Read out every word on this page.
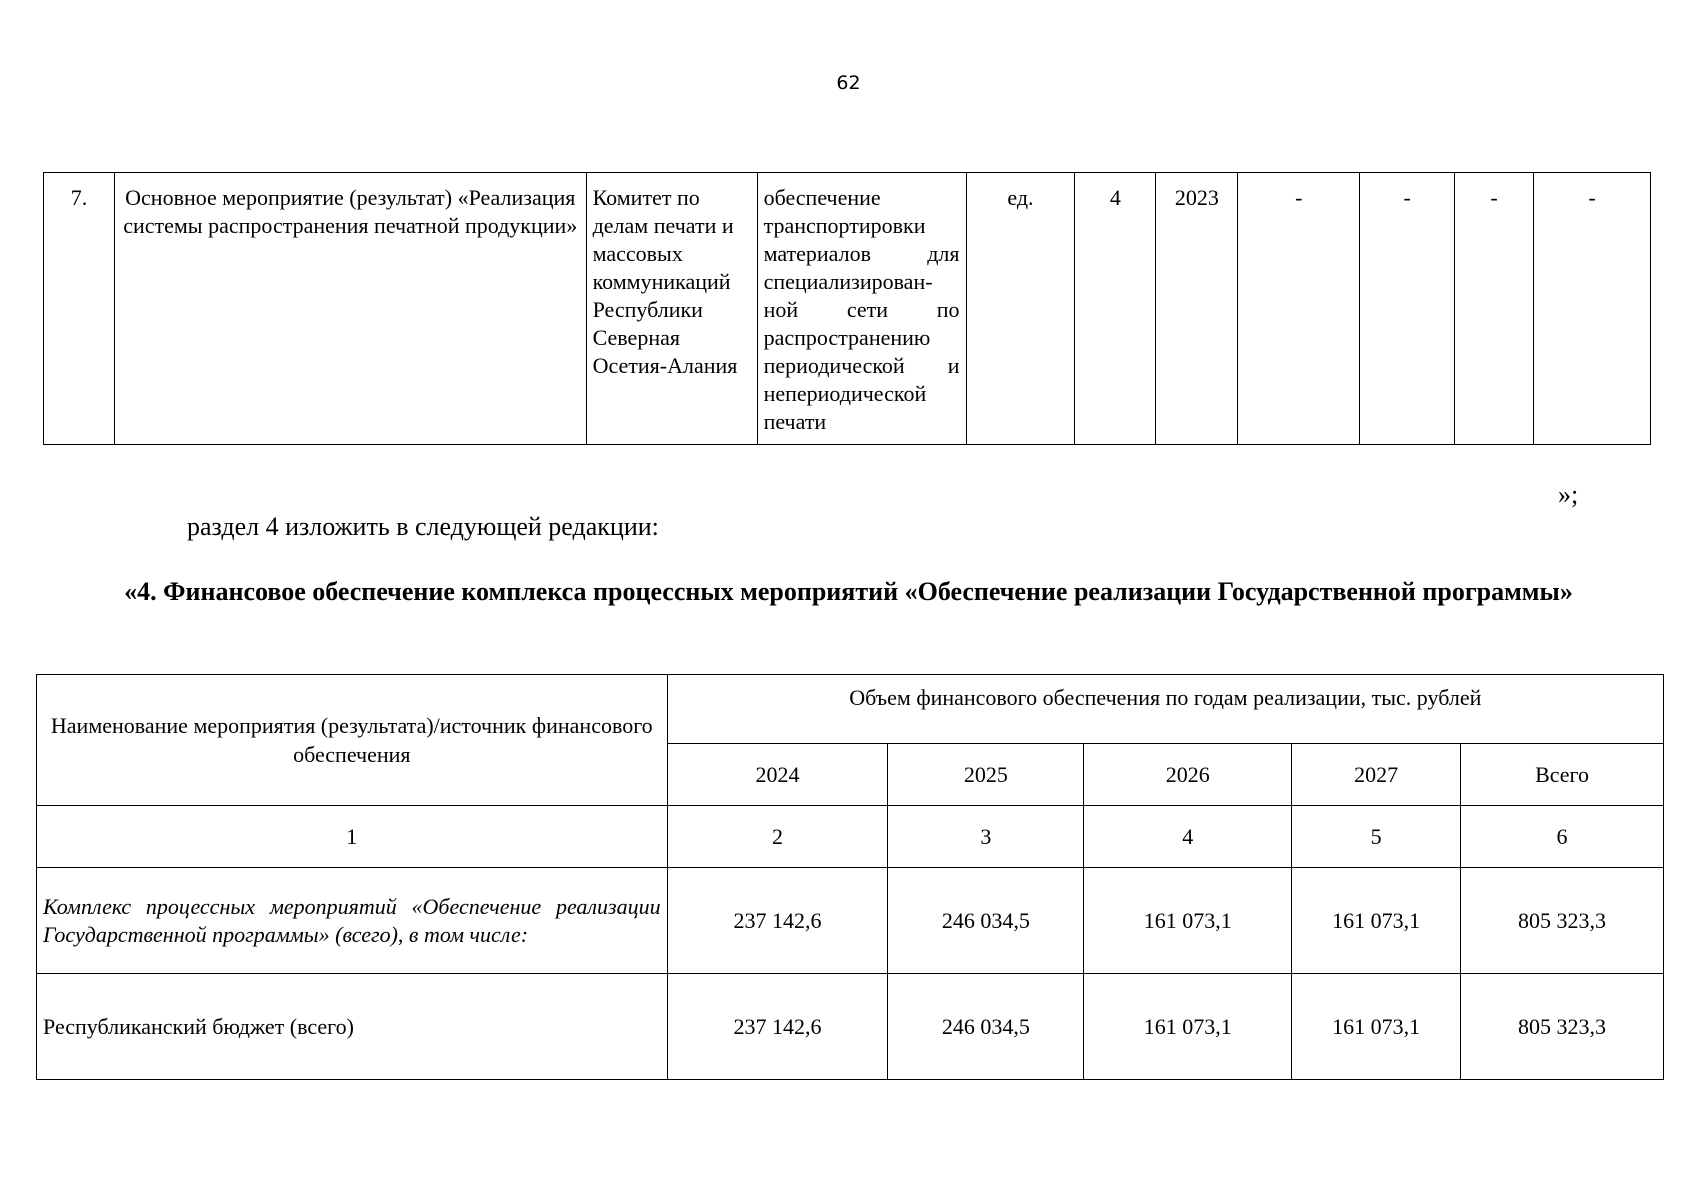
62
7.	Основное мероприятие (результат) «Реализация системы распространения печатной продукции»	Комитет по делам печати и массовых коммуникаций Республики Северная Осетия-Алания	обеспечение транспортировки материалов для специализирован-ной сети по распространению периодической и непериодической печати	ед.	4	2023	-	-	-	-
»;
раздел 4 изложить в следующей редакции:
«4. Финансовое обеспечение комплекса процессных мероприятий «Обеспечение реализации Государственной программы»
Наименование мероприятия (результата)/источник финансового обеспечения	Объем финансового обеспечения по годам реализации, тыс. рублей				
	2024	2025	2026	2027	Всего
1	2	3	4	5	6
Комплекс процессных мероприятий «Обеспечение реализации Государственной программы» (всего), в том числе:	237 142,6	246 034,5	161 073,1	161 073,1	805 323,3
Республиканский бюджет (всего)	237 142,6	246 034,5	161 073,1	161 073,1	805 323,3
